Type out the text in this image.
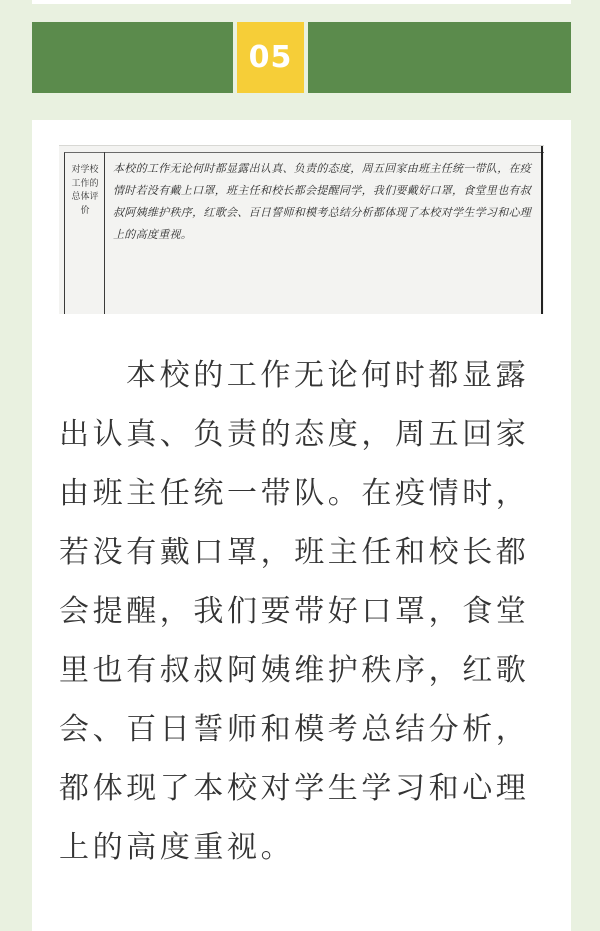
05
对学校工作的总体评价
本校的工作无论何时都显露出认真、负责的态度，周五回家由班主任统一带队，在疫情时若没有戴上口罩，班主任和校长都会提醒同学，我们要戴好口罩，食堂里也有叔叔阿姨维护秩序，红歌会、百日誓师和模考总结分析都体现了本校对学生学习和心理上的高度重视。

本校的工作无论何时都显露出认真、负责的态度，周五回家由班主任统一带队。在疫情时，若没有戴口罩，班主任和校长都会提醒，我们要带好口罩，食堂里也有叔叔阿姨维护秩序，红歌会、百日誓师和模考总结分析，都体现了本校对学生学习和心理上的高度重视。
